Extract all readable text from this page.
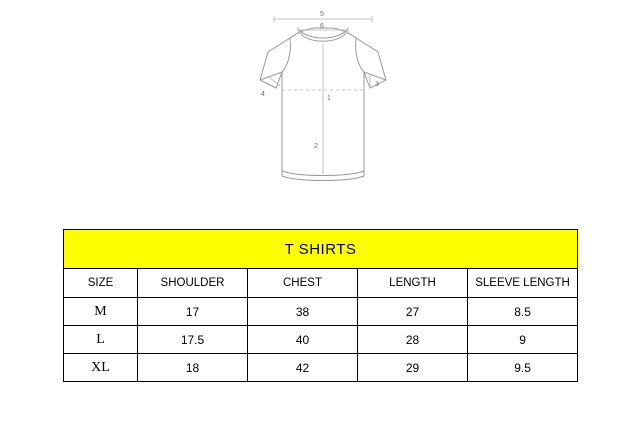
5
6
1
2
3
4
T SHIRTS				
SIZE	SHOULDER	CHEST	LENGTH	SLEEVE LENGTH
M	17	38	27	8.5
L	17.5	40	28	9
XL	18	42	29	9.5
